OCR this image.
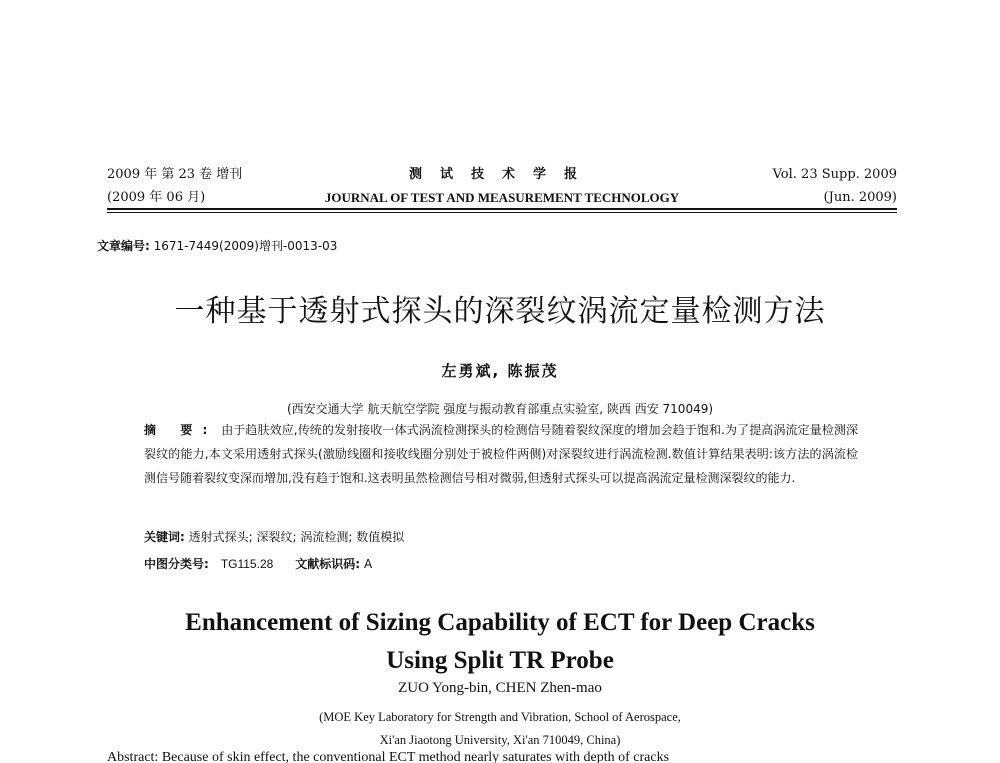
2009 年 第 23 卷 增刊	测试技术学报	Vol. 23 Supp. 2009
(2009 年 06 月)	JOURNAL OF TEST AND MEASUREMENT TECHNOLOGY	(Jun. 2009)
文章编号: 1671-7449(2009)增刊-0013-03
一种基于透射式探头的深裂纹涡流定量检测方法
左勇斌, 陈振茂
(西安交通大学 航天航空学院 强度与振动教育部重点实验室, 陕西 西安 710049)
摘 要: 由于趋肤效应,传统的发射接收一体式涡流检测探头的检测信号随着裂纹深度的增加会趋于饱和.为了提高涡流定量检测深裂纹的能力,本文采用透射式探头(激励线圈和接收线圈分别处于被检件两侧)对深裂纹进行涡流检测.数值计算结果表明:该方法的涡流检测信号随着裂纹变深而增加,没有趋于饱和.这表明虽然检测信号相对微弱,但透射式探头可以提高涡流定量检测深裂纹的能力.
关键词: 透射式探头; 深裂纹; 涡流检测; 数值模拟
中图分类号: TG115.28 文献标识码: A
Enhancement of Sizing Capability of ECT for Deep Cracks
Using Split TR Probe
ZUO Yong-bin, CHEN Zhen-mao
(MOE Key Laboratory for Strength and Vibration, School of Aerospace,
Xi'an Jiaotong University, Xi'an 710049, China)
Abstract: Because of skin effect, the conventional ECT method nearly saturates with depth of cracks
